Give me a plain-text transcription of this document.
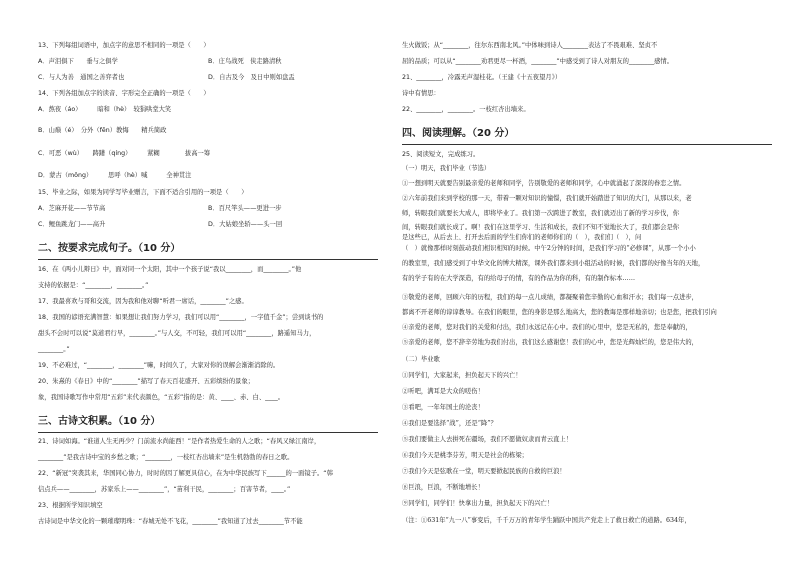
13、下列每组词语中，加点字的意思不相同的一项是（　　）
A．声泪俱下　　垂与之俱学	B．庄鸟战死　侠走路清秋
C．与人为善　通国之善弈者也	D．自古及今　及日中则如盘盂
14、下列各组加点字的读音、字形完全正确的一项是（　　）
A．熬夜（áo）　　　暗和（hè）　较狷哄堂大笑
B．山巅（é）　分外（fēn）教悔　　精兵简政
C．可恶（wù）　　踌躇（qíng）　　　紧糊　　　　拔高一筹
D．蒙古（mǒng）　　　思呼（hè）喊　　　全神贯注
15、毕业之际，如果为同学写毕业赠言，下面不适合引用的一项是（　　）
A．芝麻开花——节节高	B．百尺竿头——更进一步
C．鲤鱼跳龙门——高升	D．大姑娘坐轿——头一回
二、按要求完成句子。（10 分）
16、在《两小儿辩日》中，面对同一个太阳，其中一个孩子说“我以________，而________。”他
支持的依据是：“________，________。”
17、我最喜欢与哥和交流，因为我和他对聊“听君一席话，________”之感。
18、我国的谚语充满智慧：如果想让我们努力学习，我们可以用“________，一字值千金”；尝到谈书的
甜头不会时可以说“莫道君行早，________。”与人交，不可轻，我们可以用“________，路遥知马力，
________。”
19、不必难过，“________，________”嘛，时间久了，大家对你的误解会渐渐消除的。
20、朱熹的《春日》中的“________”描写了春天百花盛开、五彩缤纷的景象；
象，我国诗歌写作中常用“五彩”来代表颜色，“五彩”指的是：黄、____、赤、白、____。
三、古诗文积累。（10 分）
21、诗词如海。“谁道人生无再少？门前流水尚能西！”是作者热爱生命的人之歌；“春风又绿江南岸，
________”是我古诗中宝的乡愁之歌；“________，一枝红杏出墙来”是生机勃勃的春日之歌。
22、“新冠”突袭其来，华国同心协力，时时的因了解更具信心，在为中华民族写下______的一面镜子。“韩
信点兵——________，苏家乐上——________”，“苗利干民，________；百害节者，____。”
23、根据所学知识填空
古诗词是中华文化的一颗璀璨明珠：“春城无处不飞花，________”我知道了过去________节不能
生火做饭；从“________，往尔东西南北风。”中体味到诗人________表达了不畏艰难、坚贞不
屈的品质；可以从“________劝君更尽一杯酒，________”中感受到了诗人对朋友的________感情。
21、________，冷露无声湿桂花。（王建《十五夜望月》）
诗中有情思：
22、________，________。一枝红杏出墙来。
四、阅读理解。（20 分）
25、阅读短文，完成练习。
（一）明天，我们毕业（节选）
①一想到明天就要告别最亲爱的老师和同学，告别敬爱的老师和同学，心中就涌起了深深的眷恋之情。
②六年前我们来到学校的那一天，带着一颗对知识的憧憬，我们就开始踏进了知识的大门，从那以来，老
师，转眼我们就要长大成人，即将毕业了。我们第一次跨进了教室，我们就迈出了新的学习步伐，你
间，转眼我们就长成了。啊！我们在这里学习、生活和成长，我们不知不觉地长大了，我们都会是你
是这些已，从后去上、打开去后面的学生们你们的老师你们的（　），我们们（　），问
（　）就像那样时刻鼓动我们相识相知的时候。中午2分钟的时间，是我们学习的“必修课”，从那一个小小
的教室里，我们感受到了中华文化的博大精深，课外我们都来到小组活动的时候，我们都的好像当年的天地，
有的学子有的在大学深造，有的给母子的情，有的作品为你的科，有的制作标本……
③敬爱的老师，回顾六年的历程，我们的每一点儿成绩，都凝聚着您辛勤的心血和汗水；我们每一点进步，
都离不开老师的谆谆教导。在我们的眼里，您的身影是那么地高大，您的教诲是那样地亲切；也是您，把我们引向
④亲爱的老师，您对我们的关爱和付出，我们永远记在心中。我们的心里中，您是无私的，您是奉献的，
⑤亲爱的老师，您不辞辛劳地为我们付出，我们这么感谢您！我们的心中，您是光辉灿烂的，您是伟大的，
（二）毕业歌
①同学们，大家起来，担负起天下的兴亡！
②听吧，满耳是大众的嗟伤！
③看吧，一年年国土的沦丧！
④我们是要选择“战”，还是“降”？
⑤我们要做主人去拼死在疆场，我们不愿做奴隶而青云直上！
⑥我们今天是桃李芬芳，明天是社会的栋梁；
⑦我们今天是弦歌在一堂，明天要掀起民族的自救的巨浪！
⑧巨浪，巨浪，不断地增长！
⑨同学们，同学们！快拿出力量，担负起天下的兴亡！
（注：①631年“九一八”事变后，千千万万的青年学生踊跃中国共产党走上了救日救亡的道路。634年，
